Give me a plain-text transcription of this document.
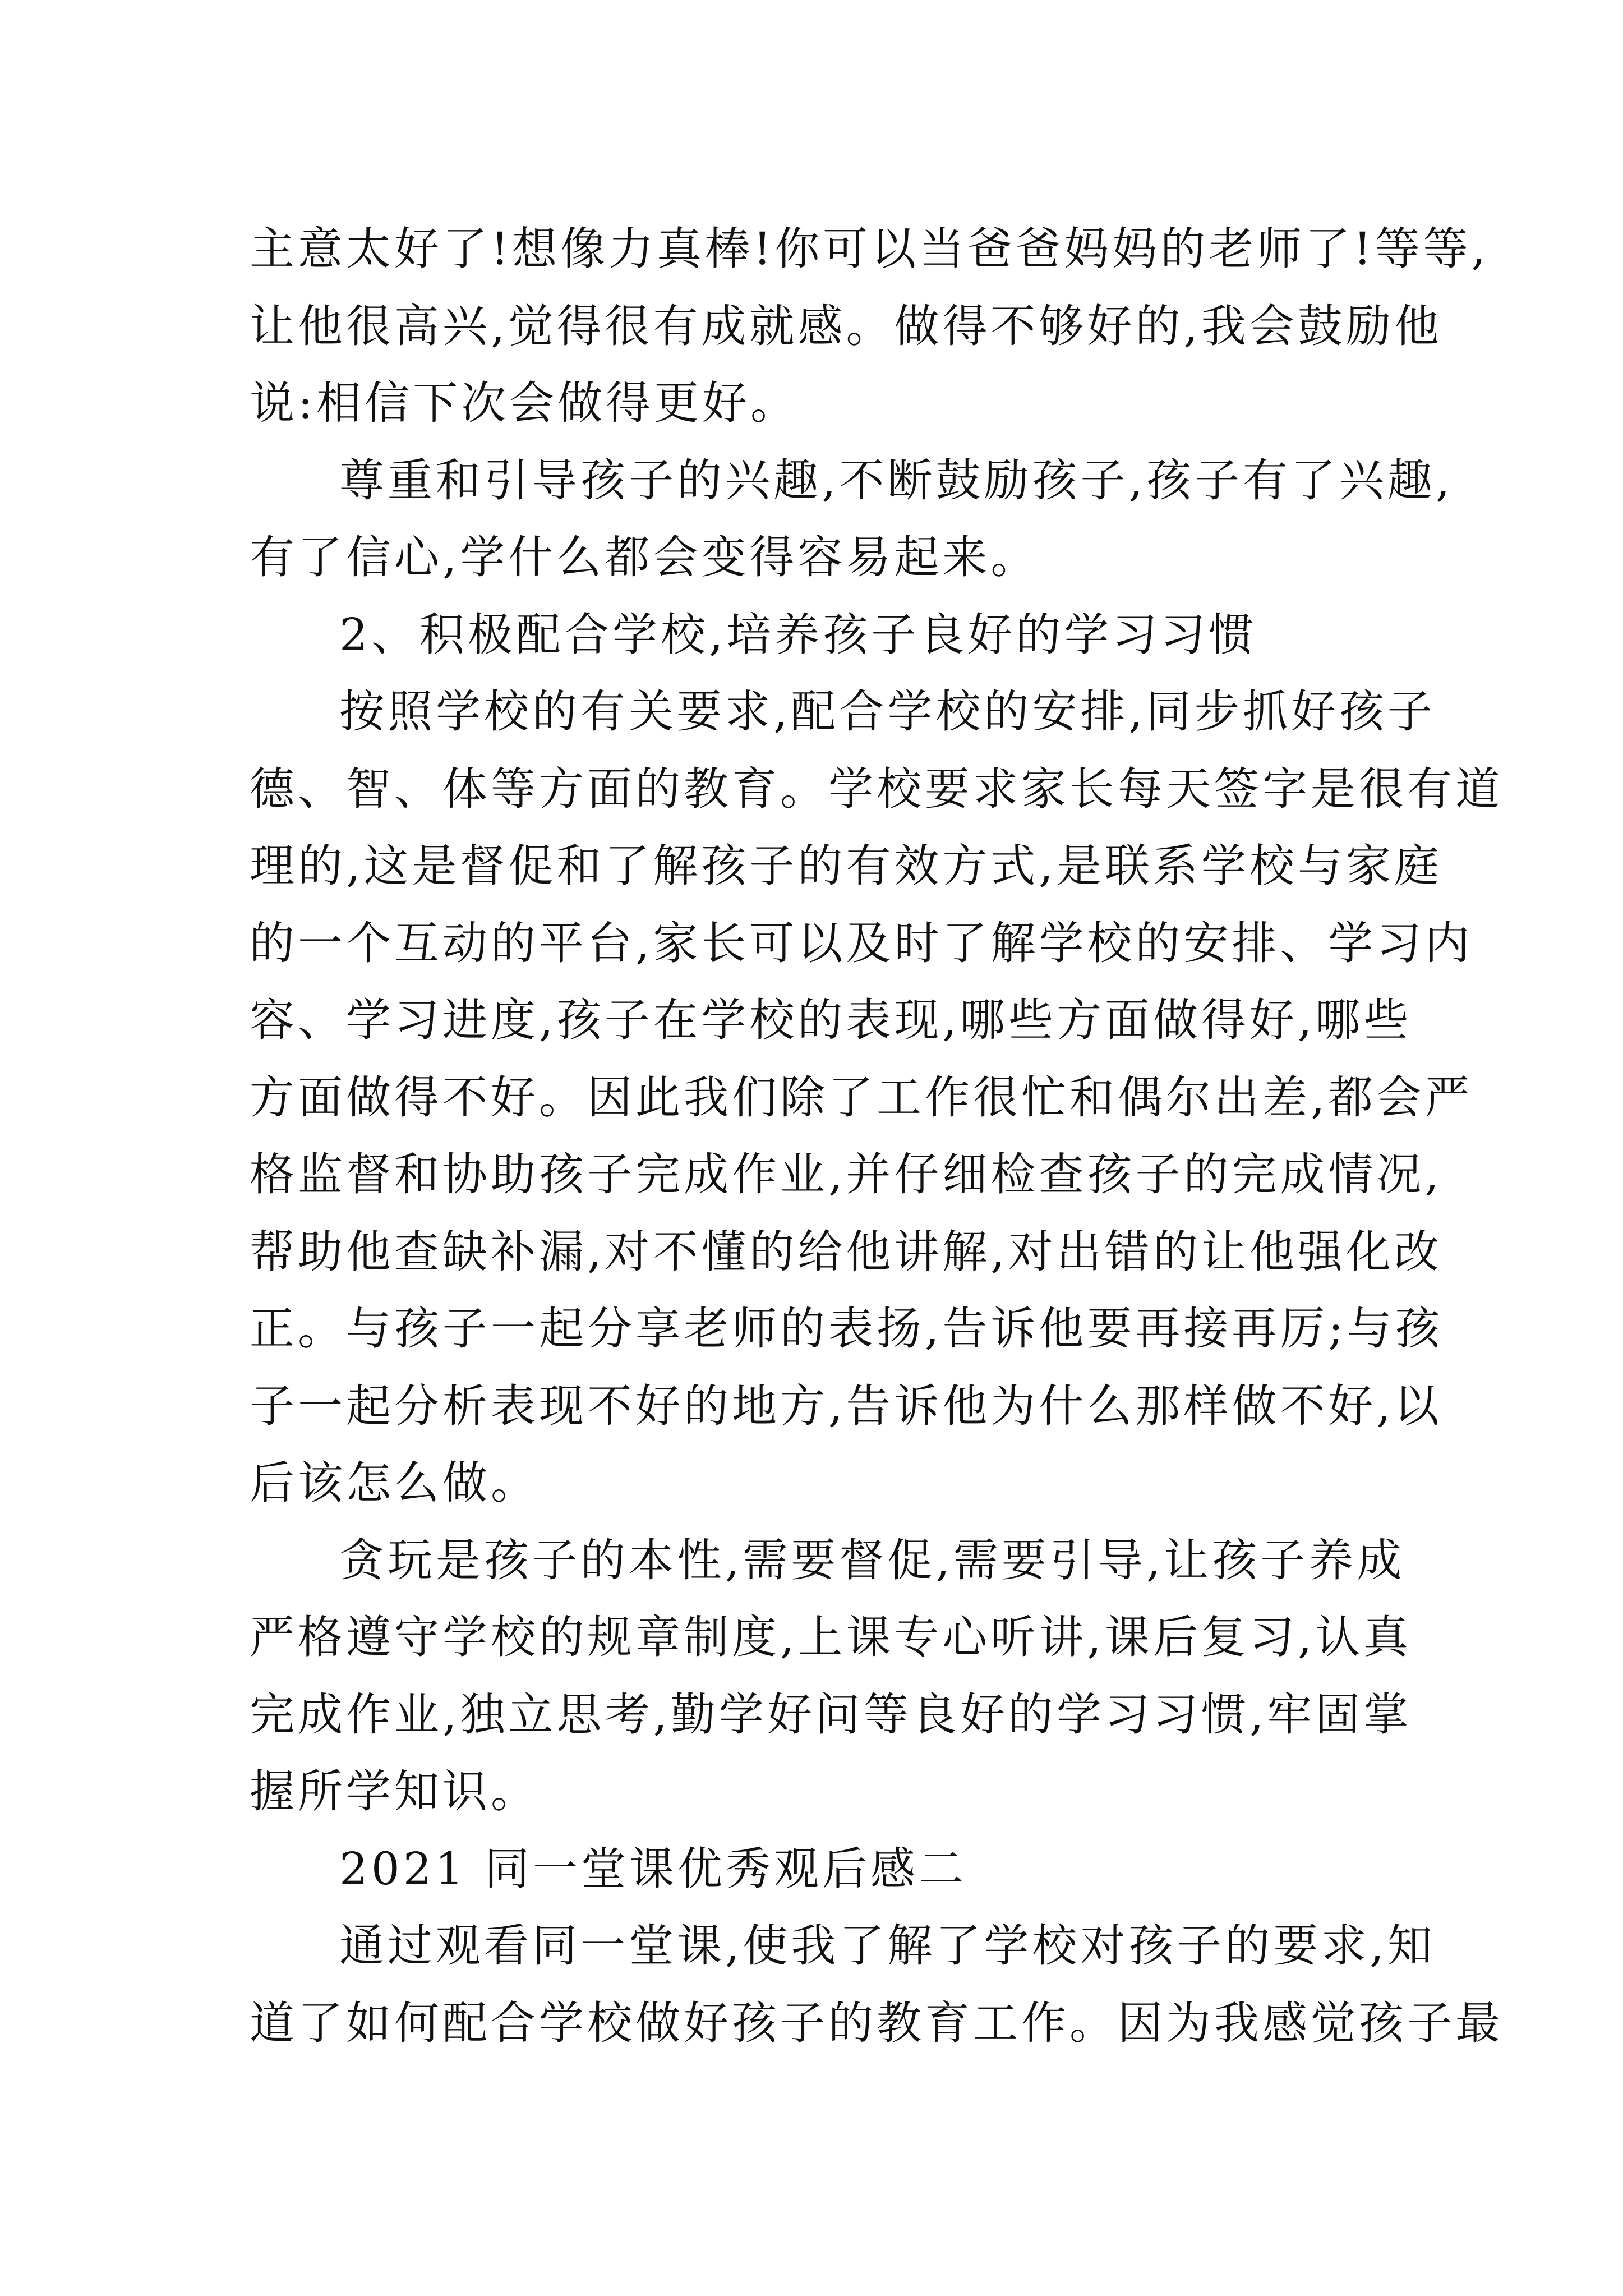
主意太好了!想像力真棒!你可以当爸爸妈妈的老师了!等等,
让他很高兴,觉得很有成就感。做得不够好的,我会鼓励他
说:相信下次会做得更好。

尊重和引导孩子的兴趣,不断鼓励孩子,孩子有了兴趣,
有了信心,学什么都会变得容易起来。

2、积极配合学校,培养孩子良好的学习习惯

按照学校的有关要求,配合学校的安排,同步抓好孩子
德、智、体等方面的教育。学校要求家长每天签字是很有道
理的,这是督促和了解孩子的有效方式,是联系学校与家庭
的一个互动的平台,家长可以及时了解学校的安排、学习内
容、学习进度,孩子在学校的表现,哪些方面做得好,哪些
方面做得不好。因此我们除了工作很忙和偶尔出差,都会严
格监督和协助孩子完成作业,并仔细检查孩子的完成情况,
帮助他查缺补漏,对不懂的给他讲解,对出错的让他强化改
正。与孩子一起分享老师的表扬,告诉他要再接再厉;与孩
子一起分析表现不好的地方,告诉他为什么那样做不好,以
后该怎么做。

贪玩是孩子的本性,需要督促,需要引导,让孩子养成
严格遵守学校的规章制度,上课专心听讲,课后复习,认真
完成作业,独立思考,勤学好问等良好的学习习惯,牢固掌
握所学知识。

2021 同一堂课优秀观后感二

通过观看同一堂课,使我了解了学校对孩子的要求,知
道了如何配合学校做好孩子的教育工作。因为我感觉孩子最
